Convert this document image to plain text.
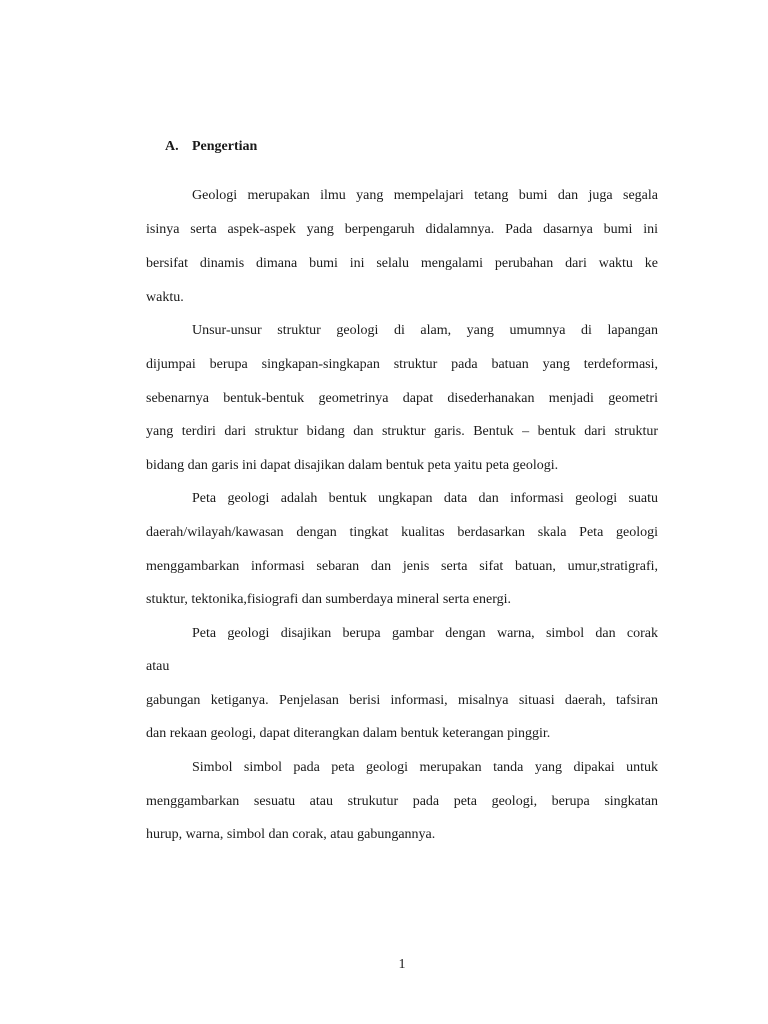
A. Pengertian
Geologi merupakan ilmu yang mempelajari tetang bumi dan juga segala
isinya serta aspek-aspek yang berpengaruh didalamnya. Pada dasarnya bumi ini
bersifat dinamis dimana bumi ini selalu mengalami perubahan dari waktu ke
waktu.
Unsur-unsur struktur geologi di alam, yang umumnya di lapangan
dijumpai berupa singkapan-singkapan struktur pada batuan yang terdeformasi,
sebenarnya bentuk-bentuk geometrinya dapat disederhanakan menjadi geometri
yang terdiri dari struktur bidang dan struktur garis. Bentuk – bentuk dari struktur
bidang dan garis ini dapat disajikan dalam bentuk peta yaitu peta geologi.
Peta geologi adalah bentuk ungkapan data dan informasi geologi suatu
daerah/wilayah/kawasan dengan tingkat kualitas berdasarkan skala Peta geologi
menggambarkan informasi sebaran dan jenis serta sifat batuan, umur,stratigrafi,
stuktur, tektonika,fisiografi dan sumberdaya mineral serta energi.
Peta geologi disajikan berupa gambar dengan warna, simbol dan corak
atau
gabungan ketiganya. Penjelasan berisi informasi, misalnya situasi daerah, tafsiran
dan rekaan geologi, dapat diterangkan dalam bentuk keterangan pinggir.
Simbol simbol pada peta geologi merupakan tanda yang dipakai untuk
menggambarkan sesuatu atau strukutur pada peta geologi, berupa singkatan
hurup, warna, simbol dan corak, atau gabungannya.
1
